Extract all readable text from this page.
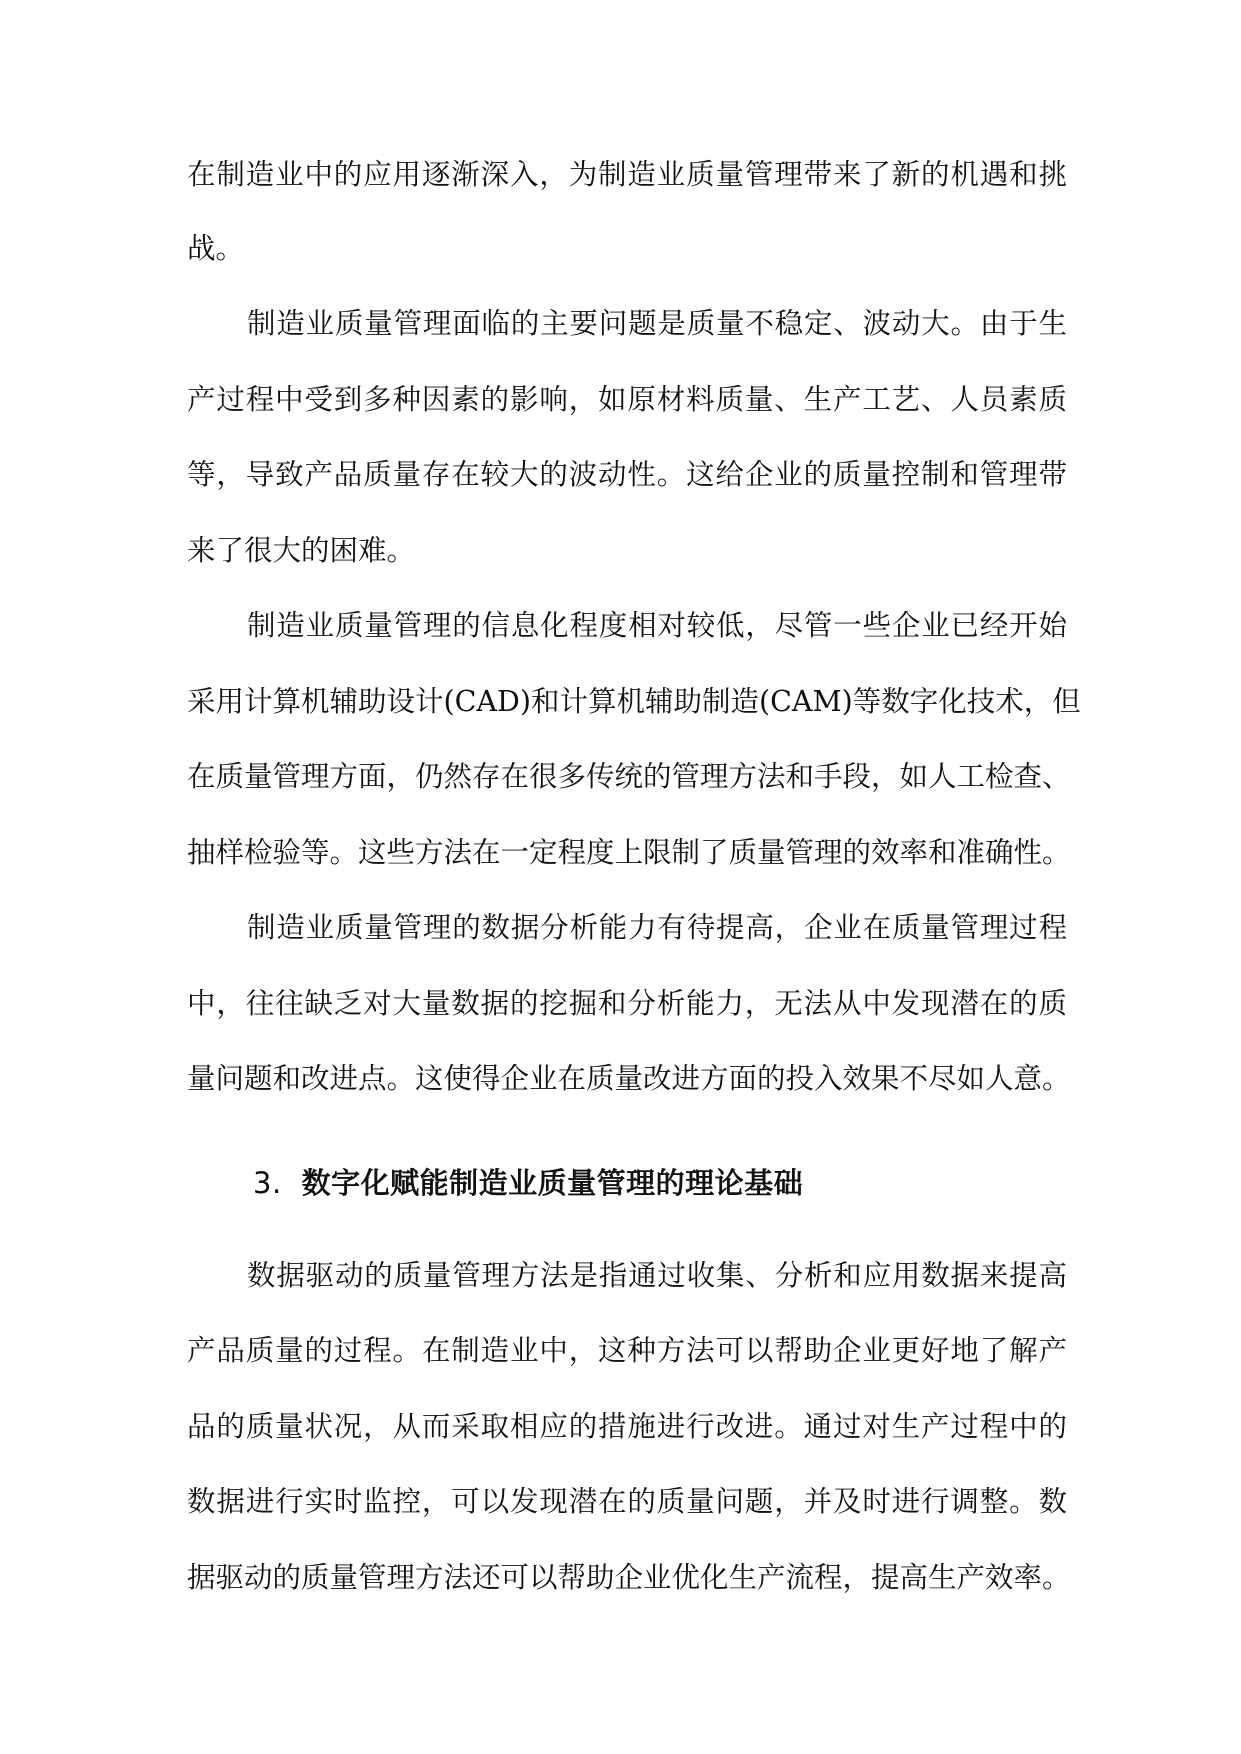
在制造业中的应用逐渐深入，为制造业质量管理带来了新的机遇和挑
战。
制造业质量管理面临的主要问题是质量不稳定、波动大。由于生
产过程中受到多种因素的影响，如原材料质量、生产工艺、人员素质
等，导致产品质量存在较大的波动性。这给企业的质量控制和管理带
来了很大的困难。
制造业质量管理的信息化程度相对较低，尽管一些企业已经开始
采用计算机辅助设计(CAD)和计算机辅助制造(CAM)等数字化技术，但
在质量管理方面，仍然存在很多传统的管理方法和手段，如人工检查、
抽样检验等。这些方法在一定程度上限制了质量管理的效率和准确性。
制造业质量管理的数据分析能力有待提高，企业在质量管理过程
中，往往缺乏对大量数据的挖掘和分析能力，无法从中发现潜在的质
量问题和改进点。这使得企业在质量改进方面的投入效果不尽如人意。
3. 数字化赋能制造业质量管理的理论基础
数据驱动的质量管理方法是指通过收集、分析和应用数据来提高
产品质量的过程。在制造业中，这种方法可以帮助企业更好地了解产
品的质量状况，从而采取相应的措施进行改进。通过对生产过程中的
数据进行实时监控，可以发现潜在的质量问题，并及时进行调整。数
据驱动的质量管理方法还可以帮助企业优化生产流程，提高生产效率。
